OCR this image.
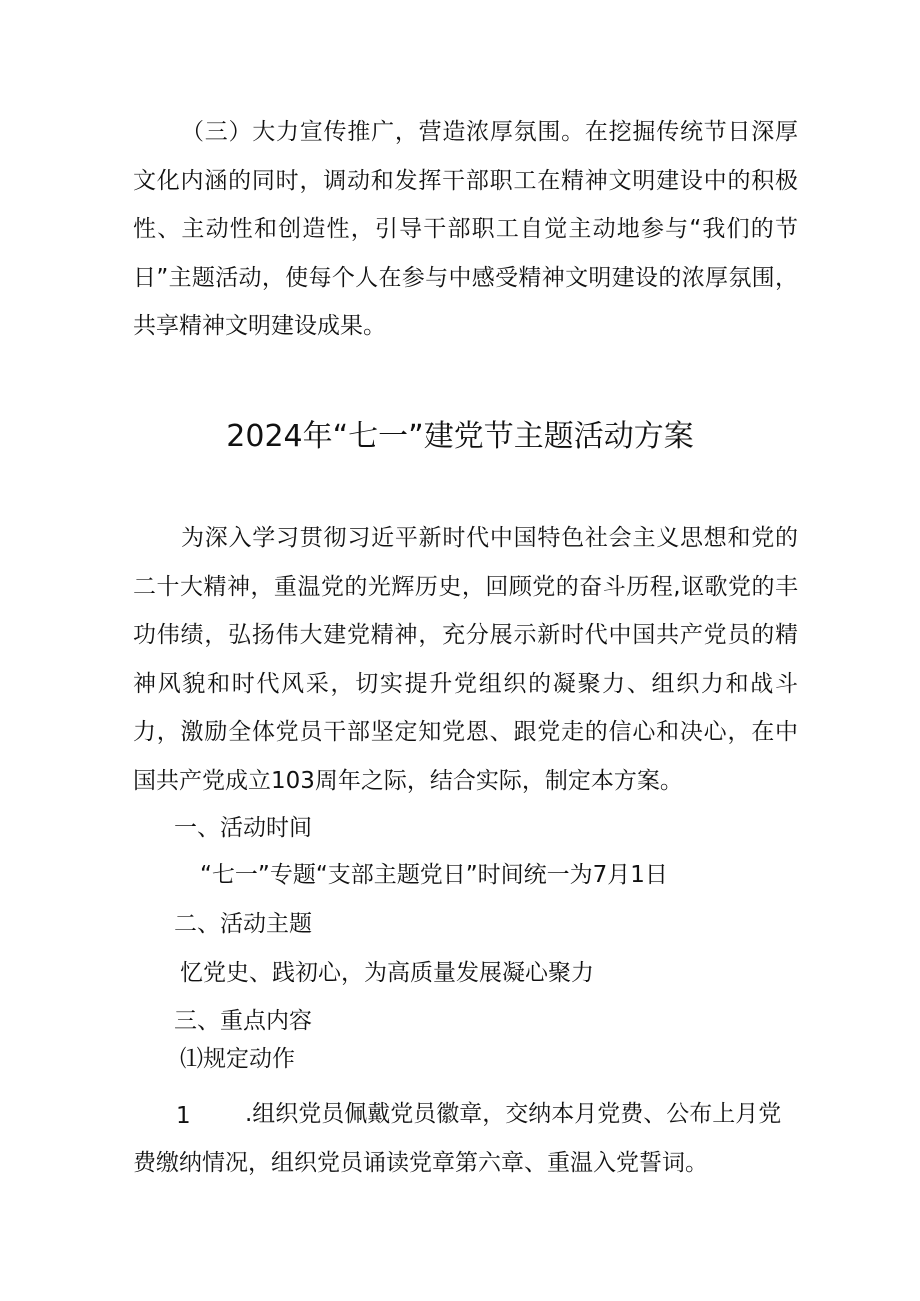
（三）大力宣传推广，营造浓厚氛围。在挖掘传统节日深厚文化内涵的同时，调动和发挥干部职工在精神文明建设中的积极性、主动性和创造性，引导干部职工自觉主动地参与“我们的节日”主题活动，使每个人在参与中感受精神文明建设的浓厚氛围，共享精神文明建设成果。

2024年“七一”建党节主题活动方案

为深入学习贯彻习近平新时代中国特色社会主义思想和党的二十大精神，重温党的光辉历史，回顾党的奋斗历程,讴歌党的丰功伟绩，弘扬伟大建党精神，充分展示新时代中国共产党员的精神风貌和时代风采，切实提升党组织的凝聚力、组织力和战斗力，激励全体党员干部坚定知党恩、跟党走的信心和决心，在中国共产党成立103周年之际，结合实际，制定本方案。

一、活动时间
“七一”专题“支部主题党日”时间统一为7月1日
二、活动主题
忆党史、践初心，为高质量发展凝心聚力
三、重点内容
⑴规定动作
1	.组织党员佩戴党员徽章，交纳本月党费、公布上月党费缴纳情况，组织党员诵读党章第六章、重温入党誓词。
